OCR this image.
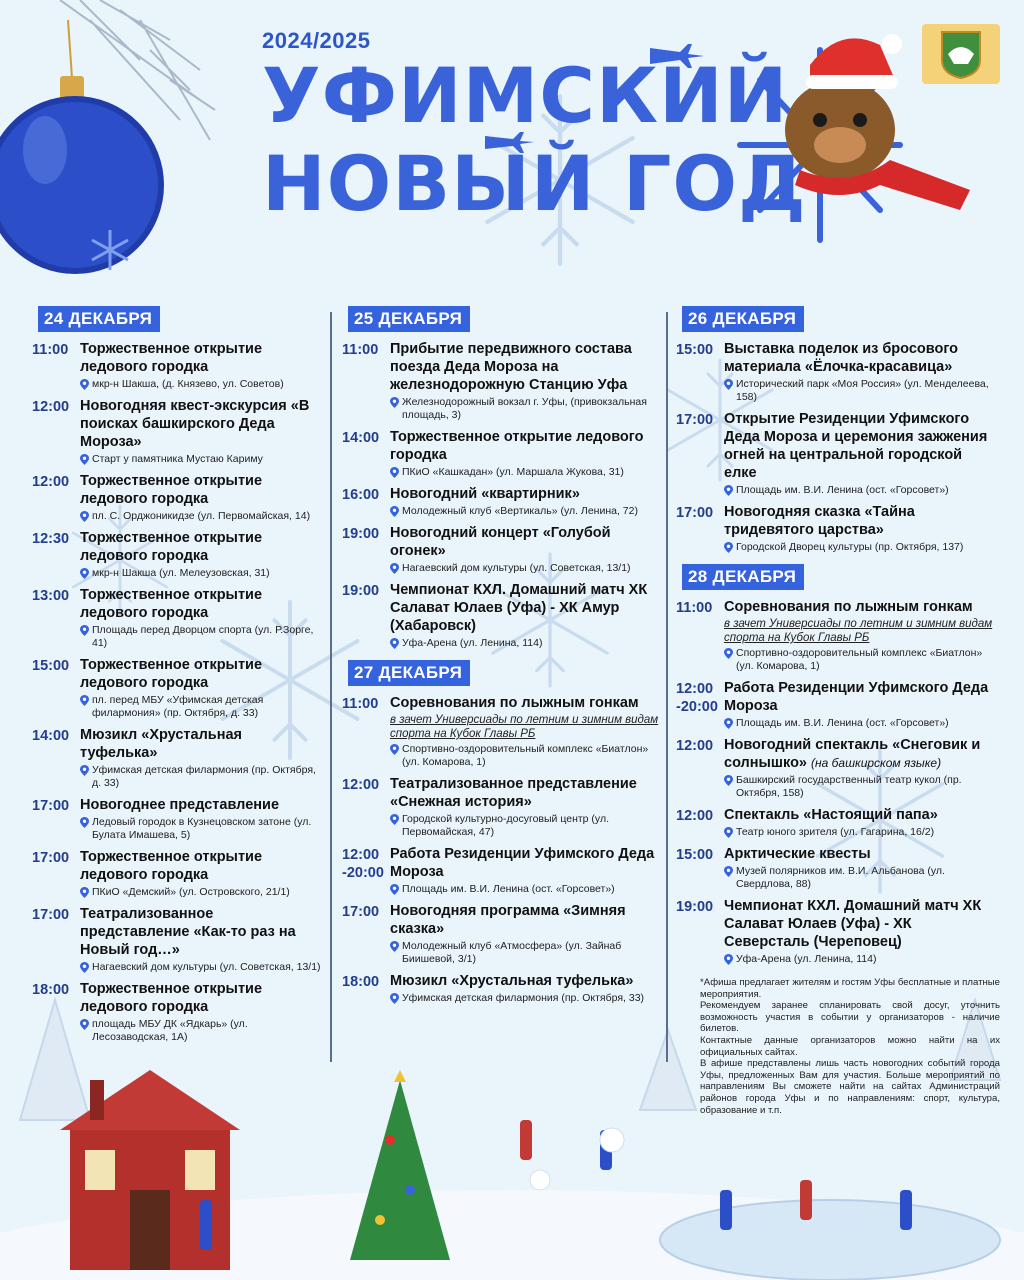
2024/2025
УФИМСКИЙ
НОВЫЙ ГОД
24 ДЕКАБРЯ
11:00 Торжественное открытие ледового городка
мкр-н Шакша, (д. Князево, ул. Советов)
12:00 Новогодняя квест-экскурсия «В поисках башкирского Деда Мороза»
Старт у памятника Мустаю Кариму
12:00 Торжественное открытие ледового городка
пл. С. Орджоникидзе (ул. Первомайская, 14)
12:30 Торжественное открытие ледового городка
мкр-н Шакша (ул. Мелеузовская, 31)
13:00 Торжественное открытие ледового городка
Площадь перед Дворцом спорта (ул. Р.Зорге, 41)
15:00 Торжественное открытие ледового городка
пл. перед МБУ «Уфимская детская филармония» (пр. Октября, д. 33)
14:00 Мюзикл «Хрустальная туфелька»
Уфимская детская филармония (пр. Октября, д. 33)
17:00 Новогоднее представление
Ледовый городок в Кузнецовском затоне (ул. Булата Имашева, 5)
17:00 Торжественное открытие ледового городка
ПКиО «Демский» (ул. Островского, 21/1)
17:00 Театрализованное представление «Как-то раз на Новый год…»
Нагаевский дом культуры (ул. Советская, 13/1)
18:00 Торжественное открытие ледового городка
площадь МБУ ДК «Ядкарь» (ул. Лесозаводская, 1А)
25 ДЕКАБРЯ
11:00 Прибытие передвижного состава поезда Деда Мороза на железнодорожную Станцию Уфа
Железнодорожный вокзал г. Уфы, (привокзальная площадь, 3)
14:00 Торжественное открытие ледового городка
ПКиО «Кашкадан» (ул. Маршала Жукова, 31)
16:00 Новогодний «квартирник»
Молодежный клуб «Вертикаль» (ул. Ленина, 72)
19:00 Новогодний концерт «Голубой огонек»
Нагаевский дом культуры (ул. Советская, 13/1)
19:00 Чемпионат КХЛ. Домашний матч ХК Салават Юлаев (Уфа) - ХК Амур (Хабаровск)
Уфа-Арена (ул. Ленина, 114)
27 ДЕКАБРЯ
11:00 Соревнования по лыжным гонкам
в зачет Универсиады по летним и зимним видам спорта на Кубок Главы РБ
Спортивно-оздоровительный комплекс «Биатлон» (ул. Комарова, 1)
12:00 Театрализованное представление «Снежная история»
Городской культурно-досуговый центр (ул. Первомайская, 47)
12:00 -20:00
Работа Резиденции Уфимского Деда Мороза
Площадь им. В.И. Ленина (ост. «Горсовет»)
17:00 Новогодняя программа «Зимняя сказка»
Молодежный клуб «Атмосфера» (ул. Зайнаб Биишевой, 3/1)
18:00 Мюзикл «Хрустальная туфелька»
Уфимская детская филармония (пр. Октября, 33)
26 ДЕКАБРЯ
15:00 Выставка поделок из бросового материала «Ёлочка-красавица»
Исторический парк «Моя Россия» (ул. Менделеева, 158)
17:00 Открытие Резиденции Уфимского Деда Мороза и церемония зажжения огней на центральной городской елке
Площадь им. В.И. Ленина (ост. «Горсовет»)
17:00 Новогодняя сказка «Тайна тридевятого царства»
Городской Дворец культуры (пр. Октября, 137)
28 ДЕКАБРЯ
11:00 Соревнования по лыжным гонкам
в зачет Универсиады по летним и зимним видам спорта на Кубок Главы РБ
Спортивно-оздоровительный комплекс «Биатлон» (ул. Комарова, 1)
12:00 -20:00
Работа Резиденции Уфимского Деда Мороза
Площадь им. В.И. Ленина (ост. «Горсовет»)
12:00 Новогодний спектакль «Снеговик и солнышко» (на башкирском языке)
Башкирский государственный театр кукол (пр. Октября, 158)
12:00 Спектакль «Настоящий папа»
Театр юного зрителя (ул. Гагарина, 16/2)
15:00 Арктические квесты
Музей полярников им. В.И. Альбанова (ул. Свердлова, 88)
19:00 Чемпионат КХЛ. Домашний матч ХК Салават Юлаев (Уфа) - ХК Северсталь (Череповец)
Уфа-Арена (ул. Ленина, 114)
*Афиша предлагает жителям и гостям Уфы бесплатные и платные мероприятия.
Рекомендуем заранее спланировать свой досуг, уточнить возможность участия в событии у организаторов - наличие билетов.
Контактные данные организаторов можно найти на их официальных сайтах.
В афише представлены лишь часть новогодних событий города Уфы, предложенных Вам для участия. Больше мероприятий по направлениям Вы сможете найти на сайтах Администраций районов города Уфы и по направлениям: спорт, культура, образование и т.п.
